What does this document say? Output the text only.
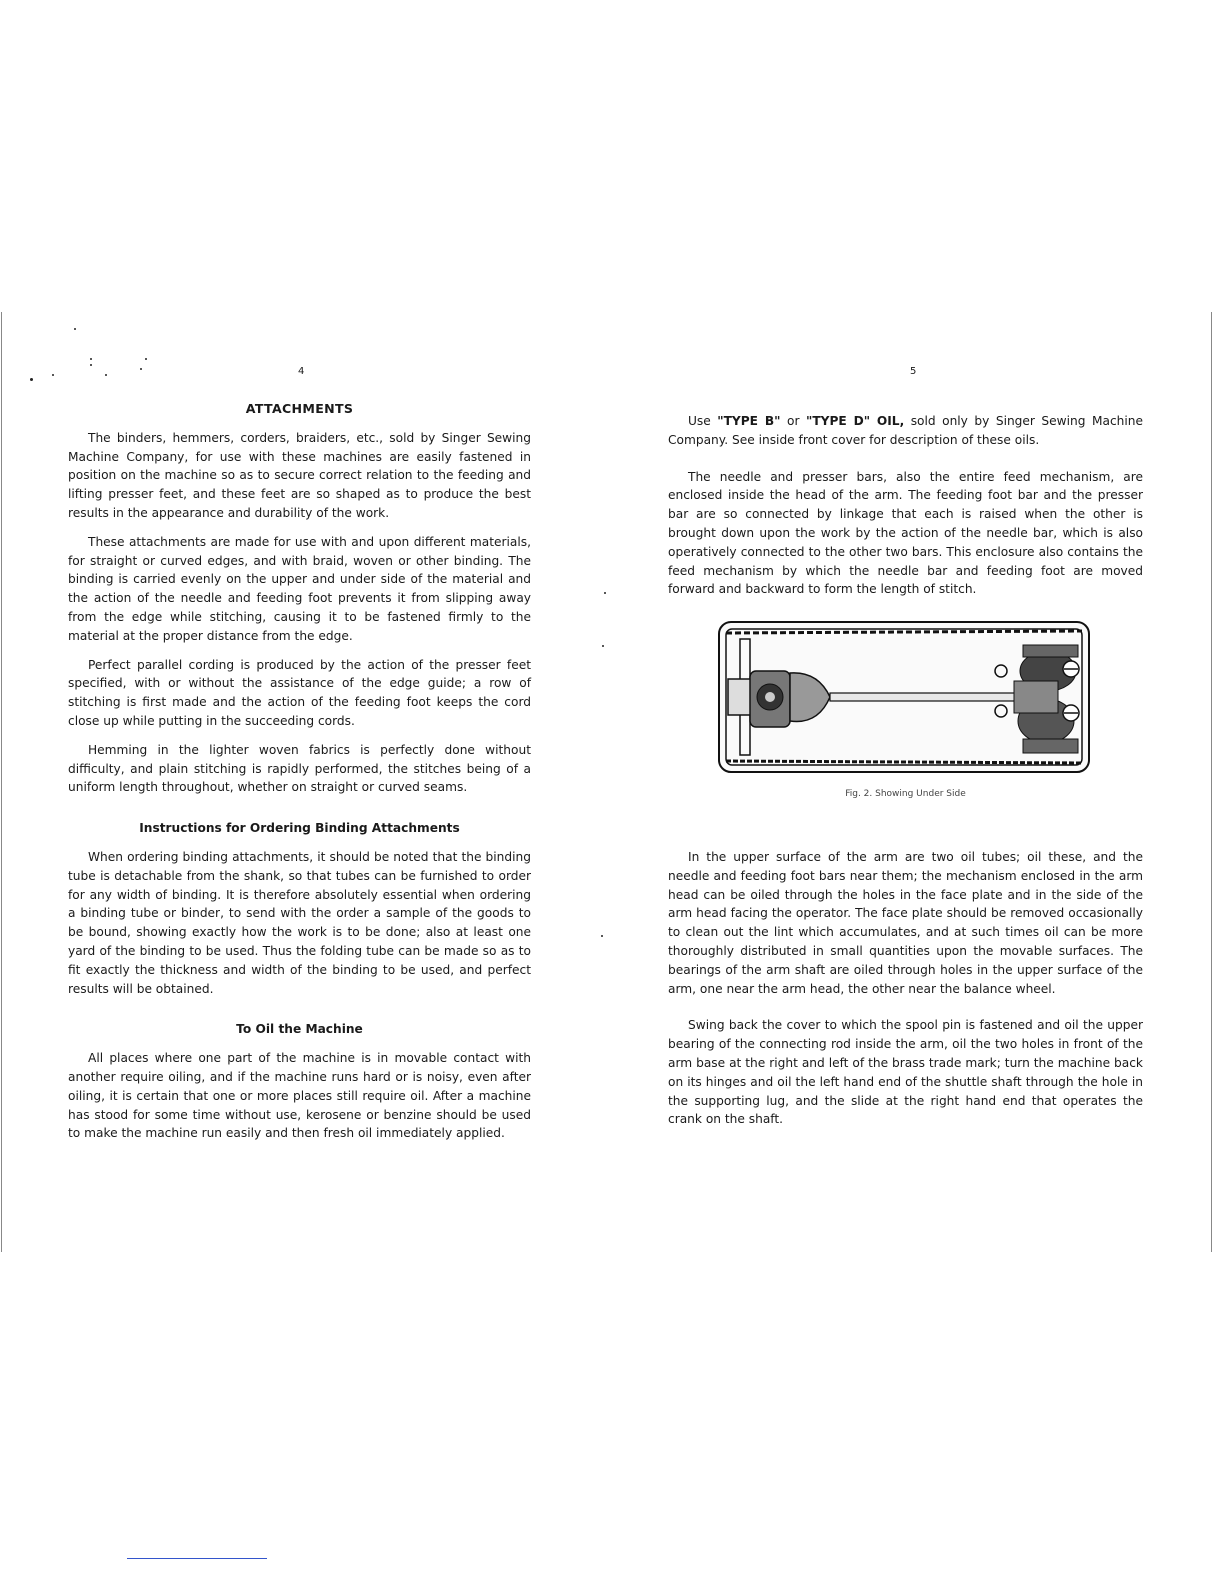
4
ATTACHMENTS

The binders, hemmers, corders, braiders, etc., sold by Singer Sewing Machine Company, for use with these machines are easily fastened in position on the machine so as to secure correct relation to the feeding and lifting presser feet, and these feet are so shaped as to produce the best results in the appearance and durability of the work.

These attachments are made for use with and upon different materials, for straight or curved edges, and with braid, woven or other binding. The binding is carried evenly on the upper and under side of the material and the action of the needle and feeding foot prevents it from slipping away from the edge while stitching, causing it to be fastened firmly to the material at the proper distance from the edge.

Perfect parallel cording is produced by the action of the presser feet specified, with or without the assistance of the edge guide; a row of stitching is first made and the action of the feeding foot keeps the cord close up while putting in the succeeding cords.

Hemming in the lighter woven fabrics is perfectly done without difficulty, and plain stitching is rapidly performed, the stitches being of a uniform length throughout, whether on straight or curved seams.

Instructions for Ordering Binding Attachments

When ordering binding attachments, it should be noted that the binding tube is detachable from the shank, so that tubes can be furnished to order for any width of binding. It is therefore absolutely essential when ordering a binding tube or binder, to send with the order a sample of the goods to be bound, showing exactly how the work is to be done; also at least one yard of the binding to be used. Thus the folding tube can be made so as to fit exactly the thickness and width of the binding to be used, and perfect results will be obtained.

To Oil the Machine

All places where one part of the machine is in movable contact with another require oiling, and if the machine runs hard or is noisy, even after oiling, it is certain that one or more places still require oil. After a machine has stood for some time without use, kerosene or benzine should be used to make the machine run easily and then fresh oil immediately applied.

5

Use "TYPE B" or "TYPE D" OIL, sold only by Singer Sewing Machine Company. See inside front cover for description of these oils.

The needle and presser bars, also the entire feed mechanism, are enclosed inside the head of the arm. The feeding foot bar and the presser bar are so connected by linkage that each is raised when the other is brought down upon the work by the action of the needle bar, which is also operatively connected to the other two bars. This enclosure also contains the feed mechanism by which the needle bar and feeding foot are moved forward and backward to form the length of stitch.

Fig. 2. Showing Under Side

In the upper surface of the arm are two oil tubes; oil these, and the needle and feeding foot bars near them; the mechanism enclosed in the arm head can be oiled through the holes in the face plate and in the side of the arm head facing the operator. The face plate should be removed occasionally to clean out the lint which accumulates, and at such times oil can be more thoroughly distributed in small quantities upon the movable surfaces. The bearings of the arm shaft are oiled through holes in the upper surface of the arm, one near the arm head, the other near the balance wheel.

Swing back the cover to which the spool pin is fastened and oil the upper bearing of the connecting rod inside the arm, oil the two holes in front of the arm base at the right and left of the brass trade mark; turn the machine back on its hinges and oil the left hand end of the shuttle shaft through the hole in the supporting lug, and the slide at the right hand end that operates the crank on the shaft.
